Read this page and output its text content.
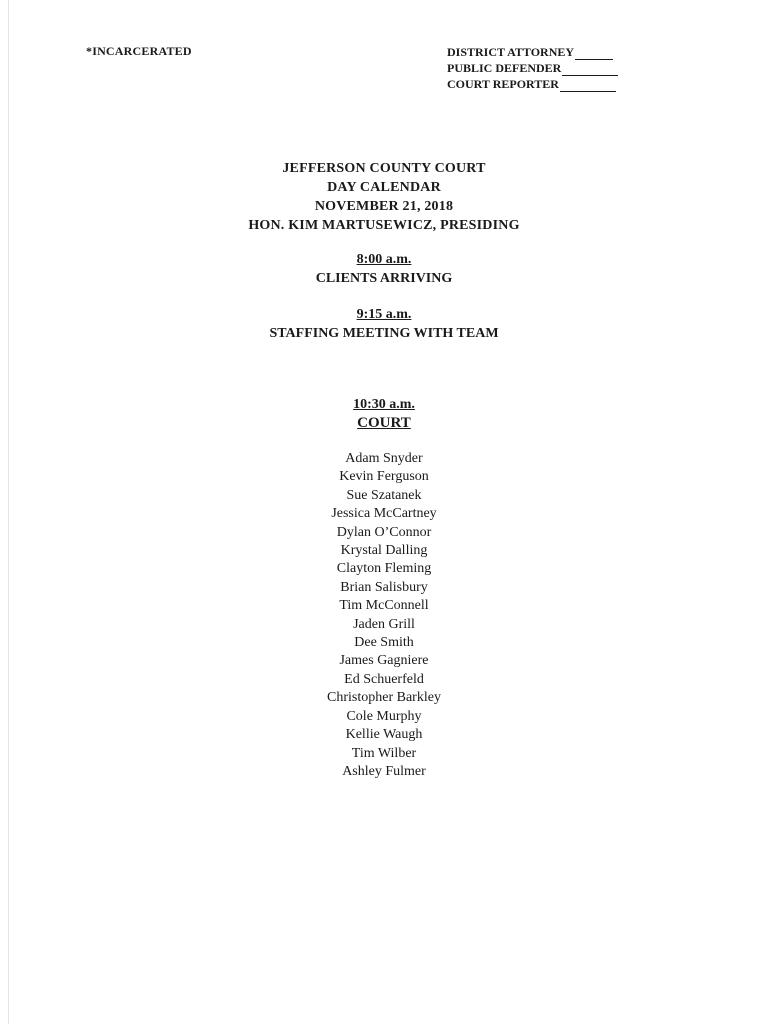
*INCARCERATED	DISTRICT ATTORNEY
PUBLIC DEFENDER
COURT REPORTER
JEFFERSON COUNTY COURT
DAY CALENDAR
NOVEMBER 21, 2018
HON. KIM MARTUSEWICZ, PRESIDING
8:00 a.m.
CLIENTS ARRIVING
9:15 a.m.
STAFFING MEETING WITH TEAM
10:30 a.m.
COURT
Adam Snyder
Kevin Ferguson
Sue Szatanek
Jessica McCartney
Dylan O’Connor
Krystal Dalling
Clayton Fleming
Brian Salisbury
Tim McConnell
Jaden Grill
Dee Smith
James Gagniere
Ed Schuerfeld
Christopher Barkley
Cole Murphy
Kellie Waugh
Tim Wilber
Ashley Fulmer
